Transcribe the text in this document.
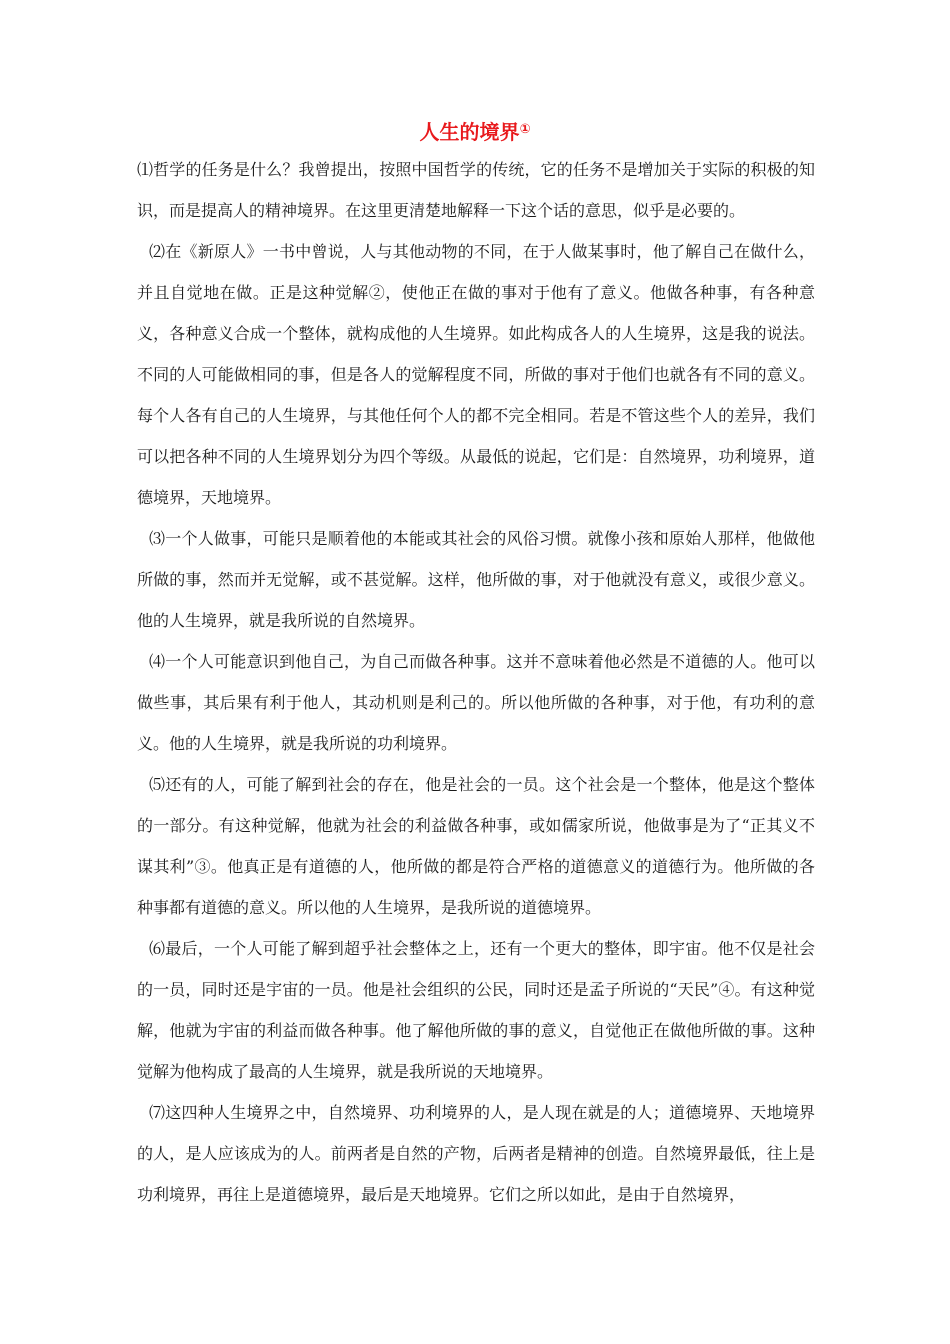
人生的境界①

⑴哲学的任务是什么？我曾提出，按照中国哲学的传统，它的任务不是增加关于实际的积极的知识，而是提高人的精神境界。在这里更清楚地解释一下这个话的意思，似乎是必要的。

⑵在《新原人》一书中曾说，人与其他动物的不同，在于人做某事时，他了解自己在做什么，并且自觉地在做。正是这种觉解②，使他正在做的事对于他有了意义。他做各种事，有各种意义，各种意义合成一个整体，就构成他的人生境界。如此构成各人的人生境界，这是我的说法。不同的人可能做相同的事，但是各人的觉解程度不同，所做的事对于他们也就各有不同的意义。每个人各有自己的人生境界，与其他任何个人的都不完全相同。若是不管这些个人的差异，我们可以把各种不同的人生境界划分为四个等级。从最低的说起，它们是：自然境界，功利境界，道德境界，天地境界。

⑶一个人做事，可能只是顺着他的本能或其社会的风俗习惯。就像小孩和原始人那样，他做他所做的事，然而并无觉解，或不甚觉解。这样，他所做的事，对于他就没有意义，或很少意义。他的人生境界，就是我所说的自然境界。

⑷一个人可能意识到他自己，为自己而做各种事。这并不意味着他必然是不道德的人。他可以做些事，其后果有利于他人，其动机则是利己的。所以他所做的各种事，对于他，有功利的意义。他的人生境界，就是我所说的功利境界。

⑸还有的人，可能了解到社会的存在，他是社会的一员。这个社会是一个整体，他是这个整体的一部分。有这种觉解，他就为社会的利益做各种事，或如儒家所说，他做事是为了“正其义不谋其利”③。他真正是有道德的人，他所做的都是符合严格的道德意义的道德行为。他所做的各种事都有道德的意义。所以他的人生境界，是我所说的道德境界。

⑹最后，一个人可能了解到超乎社会整体之上，还有一个更大的整体，即宇宙。他不仅是社会的一员，同时还是宇宙的一员。他是社会组织的公民，同时还是孟子所说的“天民”④。有这种觉解，他就为宇宙的利益而做各种事。他了解他所做的事的意义，自觉他正在做他所做的事。这种觉解为他构成了最高的人生境界，就是我所说的天地境界。

⑺这四种人生境界之中，自然境界、功利境界的人，是人现在就是的人；道德境界、天地境界的人，是人应该成为的人。前两者是自然的产物，后两者是精神的创造。自然境界最低，往上是功利境界，再往上是道德境界，最后是天地境界。它们之所以如此，是由于自然境界，
